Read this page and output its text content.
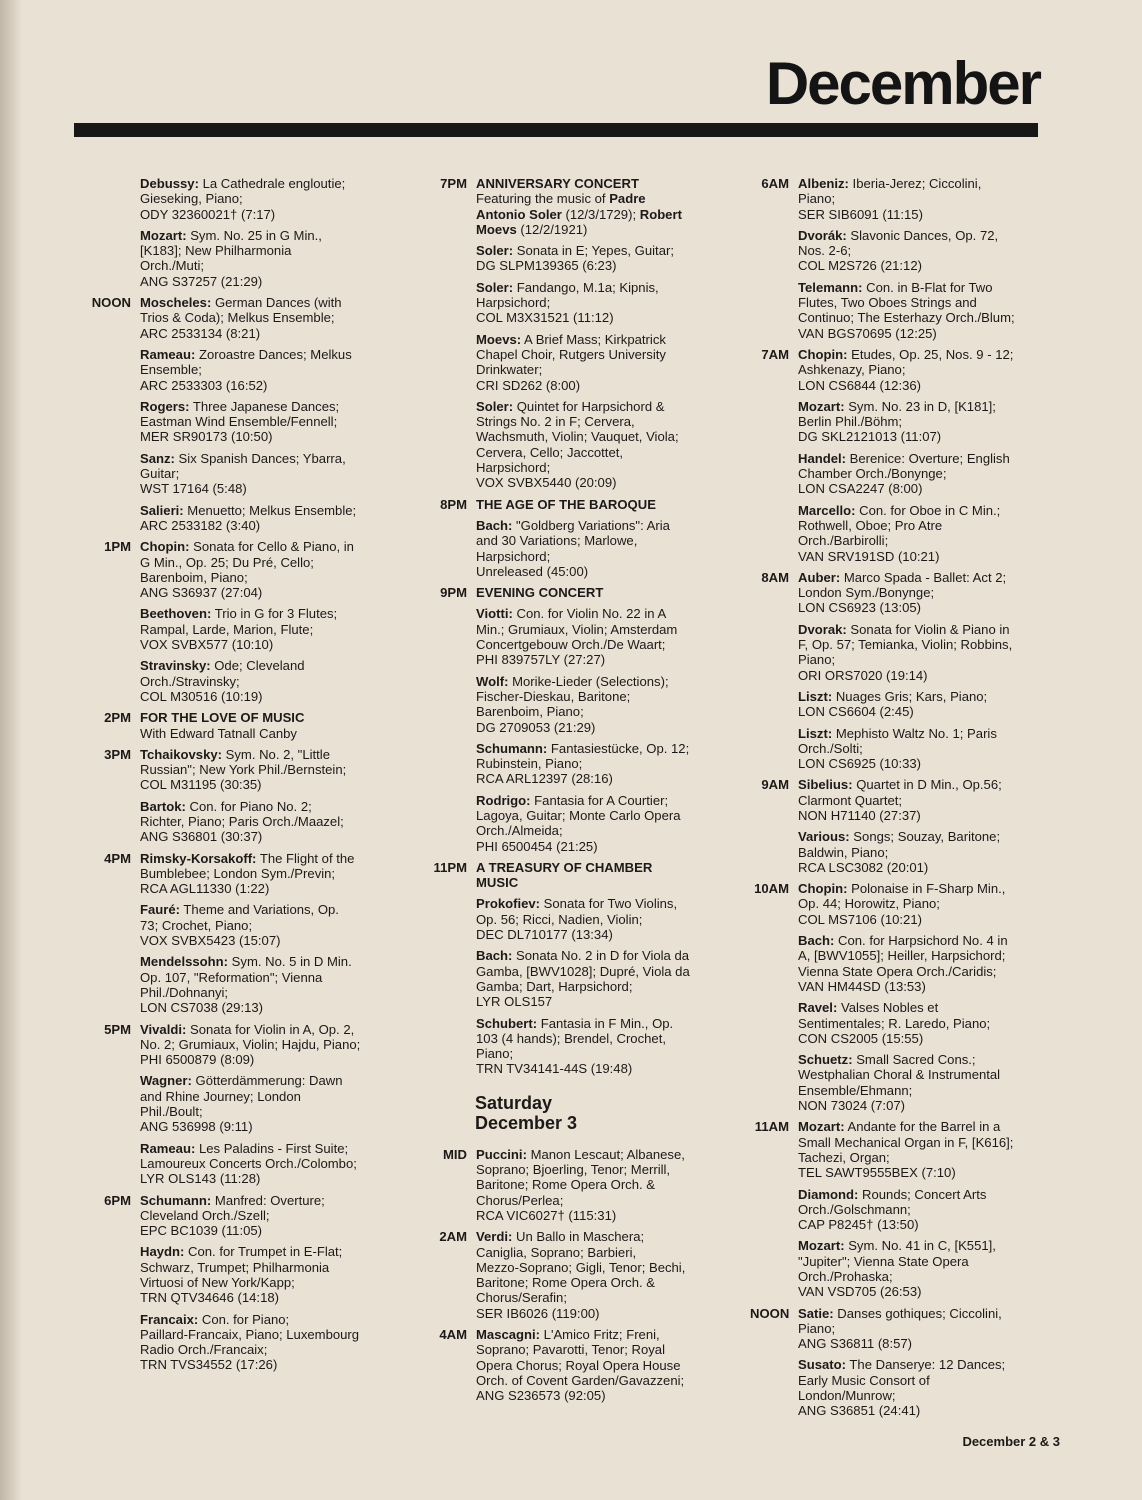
December
Debussy: La Cathedrale engloutie;
Gieseking, Piano;
ODY 32360021† (7:17)
Mozart: Sym. No. 25 in G Min.,
[K183]; New Philharmonia
Orch./Muti;
ANG S37257 (21:29)
NOON Moscheles: German Dances (with
Trios & Coda); Melkus Ensemble;
ARC 2533134 (8:21)
Rameau: Zoroastre Dances; Melkus
Ensemble;
ARC 2533303 (16:52)
Rogers: Three Japanese Dances;
Eastman Wind Ensemble/Fennell;
MER SR90173 (10:50)
Sanz: Six Spanish Dances; Ybarra,
Guitar;
WST 17164 (5:48)
Salieri: Menuetto; Melkus Ensemble;
ARC 2533182 (3:40)
1PM Chopin: Sonata for Cello & Piano, in
G Min., Op. 25; Du Pré, Cello;
Barenboim, Piano;
ANG S36937 (27:04)
Beethoven: Trio in G for 3 Flutes;
Rampal, Larde, Marion, Flute;
VOX SVBX577 (10:10)
Stravinsky: Ode; Cleveland
Orch./Stravinsky;
COL M30516 (10:19)
2PM FOR THE LOVE OF MUSIC
With Edward Tatnall Canby
3PM Tchaikovsky: Sym. No. 2, "Little
Russian"; New York Phil./Bernstein;
COL M31195 (30:35)
Bartok: Con. for Piano No. 2;
Richter, Piano; Paris Orch./Maazel;
ANG S36801 (30:37)
4PM Rimsky-Korsakoff: The Flight of the
Bumblebee; London Sym./Previn;
RCA AGL11330 (1:22)
Fauré: Theme and Variations, Op.
73; Crochet, Piano;
VOX SVBX5423 (15:07)
Mendelssohn: Sym. No. 5 in D Min.
Op. 107, "Reformation"; Vienna
Phil./Dohnanyi;
LON CS7038 (29:13)
5PM Vivaldi: Sonata for Violin in A, Op. 2,
No. 2; Grumiaux, Violin; Hajdu, Piano;
PHI 6500879 (8:09)
Wagner: Götterdämmerung: Dawn
and Rhine Journey; London
Phil./Boult;
ANG 536998 (9:11)
Rameau: Les Paladins - First Suite;
Lamoureux Concerts Orch./Colombo;
LYR OLS143 (11:28)
6PM Schumann: Manfred: Overture;
Cleveland Orch./Szell;
EPC BC1039 (11:05)
Haydn: Con. for Trumpet in E-Flat;
Schwarz, Trumpet; Philharmonia
Virtuosi of New York/Kapp;
TRN QTV34646 (14:18)
Francaix: Con. for Piano;
Paillard-Francaix, Piano; Luxembourg
Radio Orch./Francaix;
TRN TVS34552 (17:26)
7PM ANNIVERSARY CONCERT
Featuring the music of Padre
Antonio Soler (12/3/1729); Robert
Moevs (12/2/1921)
Soler: Sonata in E; Yepes, Guitar;
DG SLPM139365 (6:23)
Soler: Fandango, M.1a; Kipnis,
Harpsichord;
COL M3X31521 (11:12)
Moevs: A Brief Mass; Kirkpatrick
Chapel Choir, Rutgers University
Drinkwater;
CRI SD262 (8:00)
Soler: Quintet for Harpsichord &
Strings No. 2 in F; Cervera,
Wachsmuth, Violin; Vauquet, Viola;
Cervera, Cello; Jaccottet,
Harpsichord;
VOX SVBX5440 (20:09)
8PM THE AGE OF THE BAROQUE
Bach: "Goldberg Variations": Aria
and 30 Variations; Marlowe,
Harpsichord;
Unreleased (45:00)
9PM EVENING CONCERT
Viotti: Con. for Violin No. 22 in A
Min.; Grumiaux, Violin; Amsterdam
Concertgebouw Orch./De Waart;
PHI 839757LY (27:27)
Wolf: Morike-Lieder (Selections);
Fischer-Dieskau, Baritone;
Barenboim, Piano;
DG 2709053 (21:29)
Schumann: Fantasiestücke, Op. 12;
Rubinstein, Piano;
RCA ARL12397 (28:16)
Rodrigo: Fantasia for A Courtier;
Lagoya, Guitar; Monte Carlo Opera
Orch./Almeida;
PHI 6500454 (21:25)
11PM A TREASURY OF CHAMBER
MUSIC
Prokofiev: Sonata for Two Violins,
Op. 56; Ricci, Nadien, Violin;
DEC DL710177 (13:34)
Bach: Sonata No. 2 in D for Viola da
Gamba, [BWV1028]; Dupré, Viola da
Gamba; Dart, Harpsichord;
LYR OLS157
Schubert: Fantasia in F Min., Op.
103 (4 hands); Brendel, Crochet,
Piano;
TRN TV34141-44S (19:48)
Saturday
December 3
MID Puccini: Manon Lescaut; Albanese,
Soprano; Bjoerling, Tenor; Merrill,
Baritone; Rome Opera Orch. &
Chorus/Perlea;
RCA VIC6027† (115:31)
2AM Verdi: Un Ballo in Maschera;
Caniglia, Soprano; Barbieri,
Mezzo-Soprano; Gigli, Tenor; Bechi,
Baritone; Rome Opera Orch. &
Chorus/Serafin;
SER IB6026 (119:00)
4AM Mascagni: L'Amico Fritz; Freni,
Soprano; Pavarotti, Tenor; Royal
Opera Chorus; Royal Opera House
Orch. of Covent Garden/Gavazzeni;
ANG S236573 (92:05)
6AM Albeniz: Iberia-Jerez; Ciccolini,
Piano;
SER SIB6091 (11:15)
Dvorák: Slavonic Dances, Op. 72,
Nos. 2-6;
COL M2S726 (21:12)
Telemann: Con. in B-Flat for Two
Flutes, Two Oboes Strings and
Continuo; The Esterhazy Orch./Blum;
VAN BGS70695 (12:25)
7AM Chopin: Etudes, Op. 25, Nos. 9 - 12;
Ashkenazy, Piano;
LON CS6844 (12:36)
Mozart: Sym. No. 23 in D, [K181];
Berlin Phil./Böhm;
DG SKL2121013 (11:07)
Handel: Berenice: Overture; English
Chamber Orch./Bonynge;
LON CSA2247 (8:00)
Marcello: Con. for Oboe in C Min.;
Rothwell, Oboe; Pro Atre
Orch./Barbirolli;
VAN SRV191SD (10:21)
8AM Auber: Marco Spada - Ballet: Act 2;
London Sym./Bonynge;
LON CS6923 (13:05)
Dvorak: Sonata for Violin & Piano in
F, Op. 57; Temianka, Violin; Robbins,
Piano;
ORI ORS7020 (19:14)
Liszt: Nuages Gris; Kars, Piano;
LON CS6604 (2:45)
Liszt: Mephisto Waltz No. 1; Paris
Orch./Solti;
LON CS6925 (10:33)
9AM Sibelius: Quartet in D Min., Op.56;
Clarmont Quartet;
NON H71140 (27:37)
Various: Songs; Souzay, Baritone;
Baldwin, Piano;
RCA LSC3082 (20:01)
10AM Chopin: Polonaise in F-Sharp Min.,
Op. 44; Horowitz, Piano;
COL MS7106 (10:21)
Bach: Con. for Harpsichord No. 4 in
A, [BWV1055]; Heiller, Harpsichord;
Vienna State Opera Orch./Caridis;
VAN HM44SD (13:53)
Ravel: Valses Nobles et
Sentimentales; R. Laredo, Piano;
CON CS2005 (15:55)
Schuetz: Small Sacred Cons.;
Westphalian Choral & Instrumental
Ensemble/Ehmann;
NON 73024 (7:07)
11AM Mozart: Andante for the Barrel in a
Small Mechanical Organ in F, [K616];
Tachezi, Organ;
TEL SAWT9555BEX (7:10)
Diamond: Rounds; Concert Arts
Orch./Golschmann;
CAP P8245† (13:50)
Mozart: Sym. No. 41 in C, [K551],
"Jupiter"; Vienna State Opera
Orch./Prohaska;
VAN VSD705 (26:53)
NOON Satie: Danses gothiques; Ciccolini,
Piano;
ANG S36811 (8:57)
Susato: The Danserye: 12 Dances;
Early Music Consort of
London/Munrow;
ANG S36851 (24:41)
December 2 & 3
